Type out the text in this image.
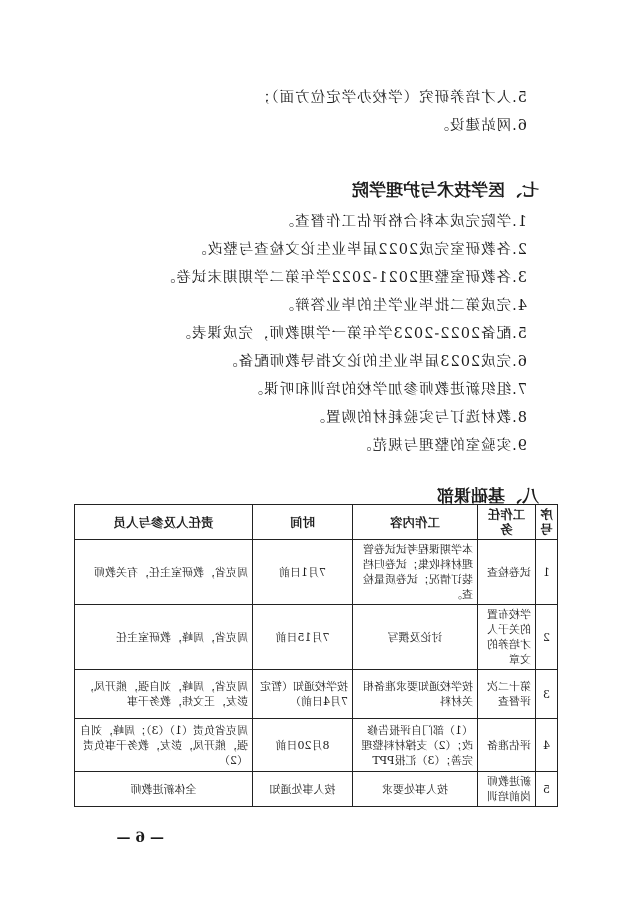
5.人才培养研究（学校办学定位方面）；
6.网站建设。
七、医学技术与护理学院
1.学院完成本科合格评估工作督查。
2.各教研室完成2022届毕业生论文检查与整改。
3.各教研室整理2021-2022学年第二学期期末试卷。
4.完成第二批毕业学生的毕业答辩。
5.配备2022-2023学年第一学期教师，完成课表。
6.完成2023届毕业生的论文指导教师配备。
7.组织新进教师参加学校的培训和听课。
8.教材选订与实验耗材的购置。
9.实验室的整理与规范。
八、基础课部
序号	工作任务	工作内容	时间	责任人及参与人员
1	试卷检查	本学期课程考试试卷管理材料收集；试卷归档装订情况；试卷质量检查。	7月1日前	周克省，教研室主任，有关教师
2	学校布置的关于人才培养的文章	讨论及撰写	7月15日前	周克省，周峰，教研室主任
3	第十二次评督查	按学校通知要求准备相关材料	按学校通知（暂定7月4日前）	周克省，周峰，刘自强，熊开凤，彭友，王文炜，教务干事
4	评估准备	（1）部门自评报告修改；（2）支撑材料整理完善；（3）汇报PPT	8月20日前	周克省负责（1）（3）；周峰，刘自强，熊开凤，彭友，教务干事负责（2）
5	新进教师岗前培训	按人事处要求	按人事处通知	全体新进教师
— 6 —
